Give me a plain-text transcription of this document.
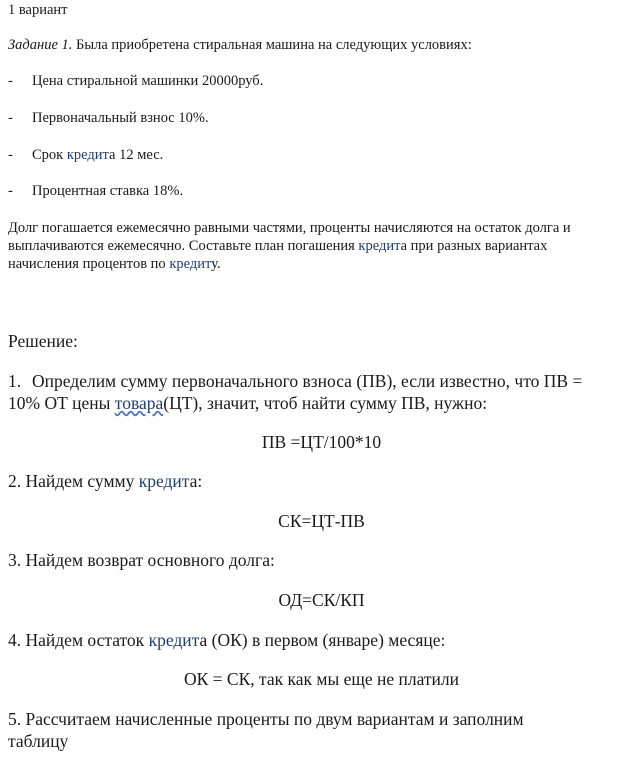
1 вариант

Задание 1. Была приобретена стиральная машина на следующих условиях:

- Цена стиральной машинки 20000руб.

- Первоначальный взнос 10%.

- Срок кредита 12 мес.

- Процентная ставка 18%.

Долг погашается ежемесячно равными частями, проценты начисляются на остаток долга и

выплачиваются ежемесячно. Составьте план погашения кредита при разных вариантах

начисления процентов по кредиту.

Решение:

1. Определим сумму первоначального взноса (ПВ), если известно, что ПВ =

10% ОТ цены товара(ЦТ), значит, чтоб найти сумму ПВ, нужно:

ПВ =ЦТ/100*10

2. Найдем сумму кредита:

СК=ЦТ-ПВ

3. Найдем возврат основного долга:

ОД=СК/КП

4. Найдем остаток кредита (ОК) в первом (январе) месяце:

ОК = СК, так как мы еще не платили

5. Рассчитаем начисленные проценты по двум вариантам и заполним

таблицу
